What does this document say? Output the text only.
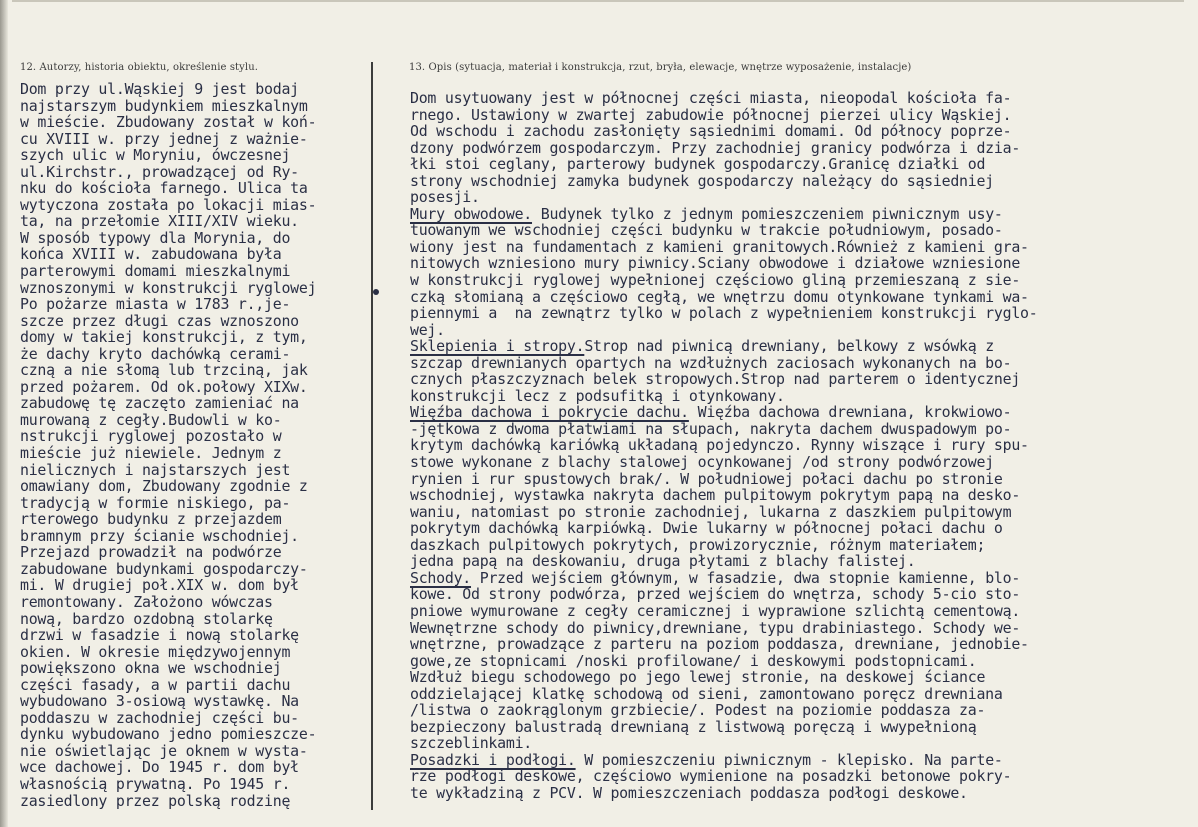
12. Autorzy, historia obiektu, określenie stylu.	13. Opis (sytuacja, materiał i konstrukcja, rzut, bryła, elewacje, wnętrze wyposażenie, instalacje)
Dom przy ul.Wąskiej 9 jest bodaj
najstarszym budynkiem mieszkalnym
w mieście. Zbudowany został w koń-
cu XVIII w. przy jednej z ważnie-
szych ulic w Moryniu, ówczesnej
ul.Kirchstr., prowadzącej od Ry-
nku do kościoła farnego. Ulica ta
wytyczona została po lokacji mias-
ta, na przełomie XIII/XIV wieku.
W sposób typowy dla Morynia, do
końca XVIII w. zabudowana była
parterowymi domami mieszkalnymi
wznoszonymi w konstrukcji ryglowej
Po pożarze miasta w 1783 r.,je-
szcze przez długi czas wznoszono
domy w takiej konstrukcji, z tym,
że dachy kryto dachówką cerami-
czną a nie słomą lub trzciną, jak
przed pożarem. Od ok.połowy XIXw.
zabudowę tę zaczęto zamieniać na
murowaną z cegły.Budowli w ko-
nstrukcji ryglowej pozostało w
mieście już niewiele. Jednym z
nielicznych i najstarszych jest
omawiany dom, Zbudowany zgodnie z
tradycją w formie niskiego, pa-
rterowego budynku z przejazdem
bramnym przy ścianie wschodniej.
Przejazd prowadził na podwórze
zabudowane budynkami gospodarczy-
mi. W drugiej poł.XIX w. dom był
remontowany. Założono wówczas
nową, bardzo ozdobną stolarkę
drzwi w fasadzie i nową stolarkę
okien. W okresie międzywojennym
powiększono okna we wschodniej
części fasady, a w partii dachu
wybudowano 3-osiową wystawkę. Na
poddaszu w zachodniej części bu-
dynku wybudowano jedno pomieszcze-
nie oświetlając je oknem w wysta-
wce dachowej. Do 1945 r. dom był
własnością prywatną. Po 1945 r.
zasiedlony przez polską rodzinę
Dom usytuowany jest w północnej części miasta, nieopodal kościoła fa-
rnego. Ustawiony w zwartej zabudowie północnej pierzei ulicy Wąskiej.
Od wschodu i zachodu zasłonięty sąsiednimi domami. Od północy poprze-
dzony podwórzem gospodarczym. Przy zachodniej granicy podwórza i dzia-
łki stoi ceglany, parterowy budynek gospodarczy.Granicę działki od
strony wschodniej zamyka budynek gospodarczy należący do sąsiedniej
posesji.
Mury obwodowe. Budynek tylko z jednym pomieszczeniem piwnicznym usy-
tuowanym we wschodniej części budynku w trakcie południowym, posado-
wiony jest na fundamentach z kamieni granitowych.Również z kamieni gra-
nitowych wzniesiono mury piwnicy.Sciany obwodowe i działowe wzniesione
w konstrukcji ryglowej wypełnionej częściowo gliną przemieszaną z sie-
czką słomianą a częściowo cegłą, we wnętrzu domu otynkowane tynkami wa-
piennymi a  na zewnątrz tylko w polach z wypełnieniem konstrukcji ryglo-
wej.
Sklepienia i stropy.Strop nad piwnicą drewniany, belkowy z wsówką z
szczap drewnianych opartych na wzdłużnych zaciosach wykonanych na bo-
cznych płaszczyznach belek stropowych.Strop nad parterem o identycznej
konstrukcji lecz z podsufitką i otynkowany.
Więźba dachowa i pokrycie dachu. Więźba dachowa drewniana, krokwiowo-
-jętkowa z dwoma płatwiami na słupach, nakryta dachem dwuspadowym po-
krytym dachówką kariówką układaną pojedynczo. Rynny wiszące i rury spu-
stowe wykonane z blachy stalowej ocynkowanej /od strony podwórzowej
rynien i rur spustowych brak/. W południowej połaci dachu po stronie
wschodniej, wystawka nakryta dachem pulpitowym pokrytym papą na desko-
waniu, natomiast po stronie zachodniej, lukarna z daszkiem pulpitowym
pokrytym dachówką karpiówką. Dwie lukarny w północnej połaci dachu o
daszkach pulpitowych pokrytych, prowizorycznie, różnym materiałem;
jedna papą na deskowaniu, druga płytami z blachy falistej.
Schody. Przed wejściem głównym, w fasadzie, dwa stopnie kamienne, blo-
kowe. Od strony podwórza, przed wejściem do wnętrza, schody 5-cio sto-
pniowe wymurowane z cegły ceramicznej i wyprawione szlichtą cementową.
Wewnętrzne schody do piwnicy,drewniane, typu drabiniastego. Schody we-
wnętrzne, prowadzące z parteru na poziom poddasza, drewniane, jednobie-
gowe,ze stopnicami /noski profilowane/ i deskowymi podstopnicami.
Wzdłuż biegu schodowego po jego lewej stronie, na deskowej ściance
oddzielającej klatkę schodową od sieni, zamontowano poręcz drewniana
/listwa o zaokrąglonym grzbiecie/. Podest na poziomie poddasza za-
bezpieczony balustradą drewnianą z listwową poręczą i wwypełnioną
szczeblinkami.
Posadzki i podłogi. W pomieszczeniu piwnicznym - klepisko. Na parte-
rze podłogi deskowe, częściowo wymienione na posadzki betonowe pokry-
te wykładziną z PCV. W pomieszczeniach poddasza podłogi deskowe.
